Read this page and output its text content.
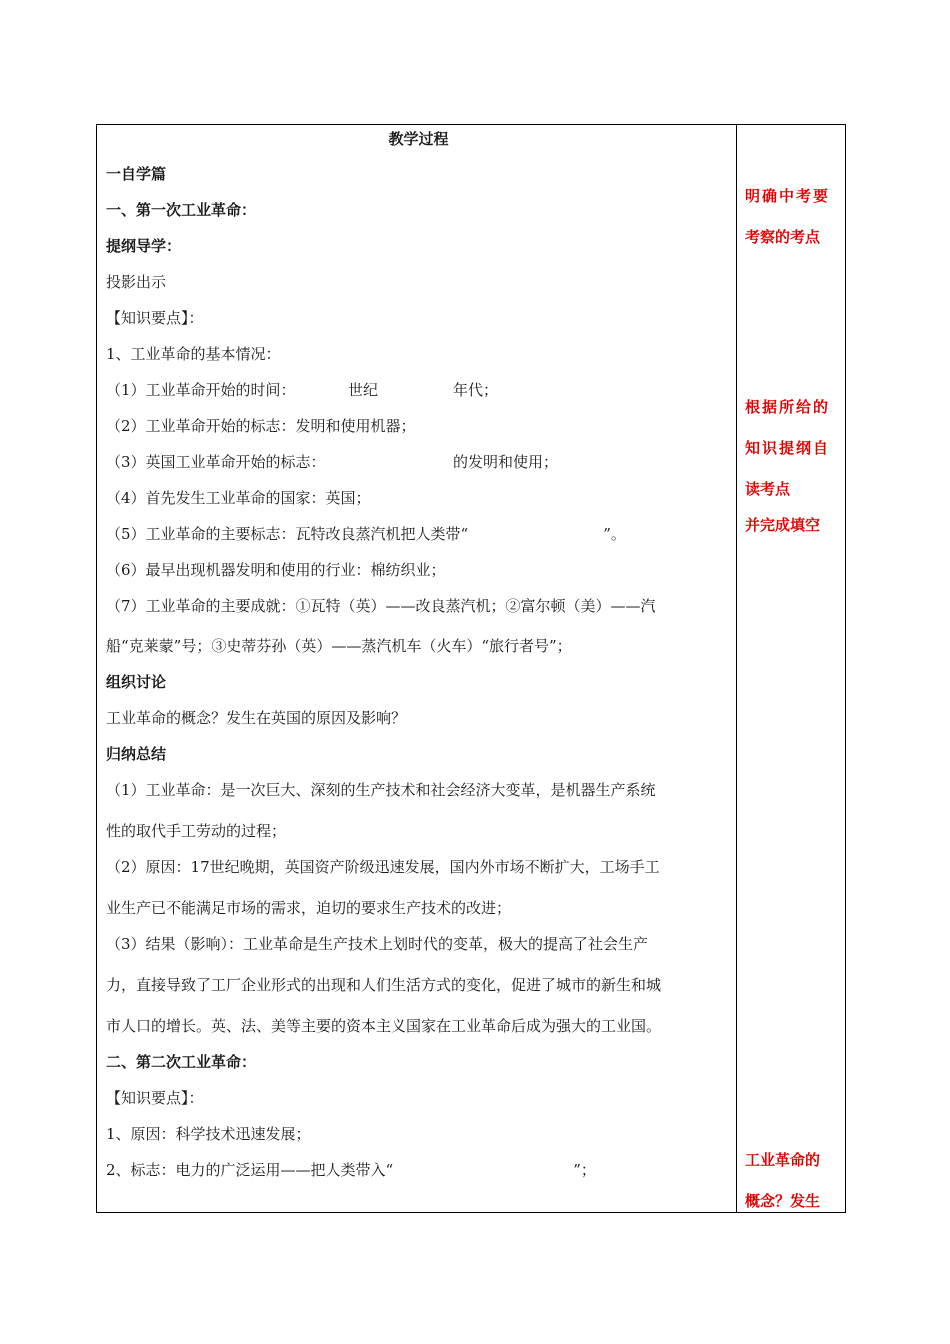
教学过程
一自学篇
一、第一次工业革命：
提纲导学：
投影出示
【知识要点】：
1、工业革命的基本情况：
（1）工业革命开始的时间：　　　　世纪　　　　　年代；
（2）工业革命开始的标志：发明和使用机器；
（3）英国工业革命开始的标志：　　　　　　　　　的发明和使用；
（4）首先发生工业革命的国家：英国；
（5）工业革命的主要标志：瓦特改良蒸汽机把人类带“　　　　　　　　　”。
（6）最早出现机器发明和使用的行业：棉纺织业；
（7）工业革命的主要成就：①瓦特（英）——改良蒸汽机；②富尔顿（美）——汽
船“克莱蒙”号；③史蒂芬孙（英）——蒸汽机车（火车）“旅行者号”；
组织讨论
工业革命的概念？发生在英国的原因及影响？
归纳总结
（1）工业革命：是一次巨大、深刻的生产技术和社会经济大变革，是机器生产系统
性的取代手工劳动的过程；
（2）原因：17世纪晚期，英国资产阶级迅速发展，国内外市场不断扩大，工场手工
业生产已不能满足市场的需求，迫切的要求生产技术的改进；
（3）结果（影响）：工业革命是生产技术上划时代的变革，极大的提高了社会生产
力，直接导致了工厂企业形式的出现和人们生活方式的变化，促进了城市的新生和城
市人口的增长。英、法、美等主要的资本主义国家在工业革命后成为强大的工业国。
二、第二次工业革命：
【知识要点】：
1、原因：科学技术迅速发展；
2、标志：电力的广泛运用——把人类带入“　　　　　　　　　　　　”；
明确中考要
考察的考点
根据所给的
知识提纲自
读考点
并完成填空
工业革命的
概念？发生
